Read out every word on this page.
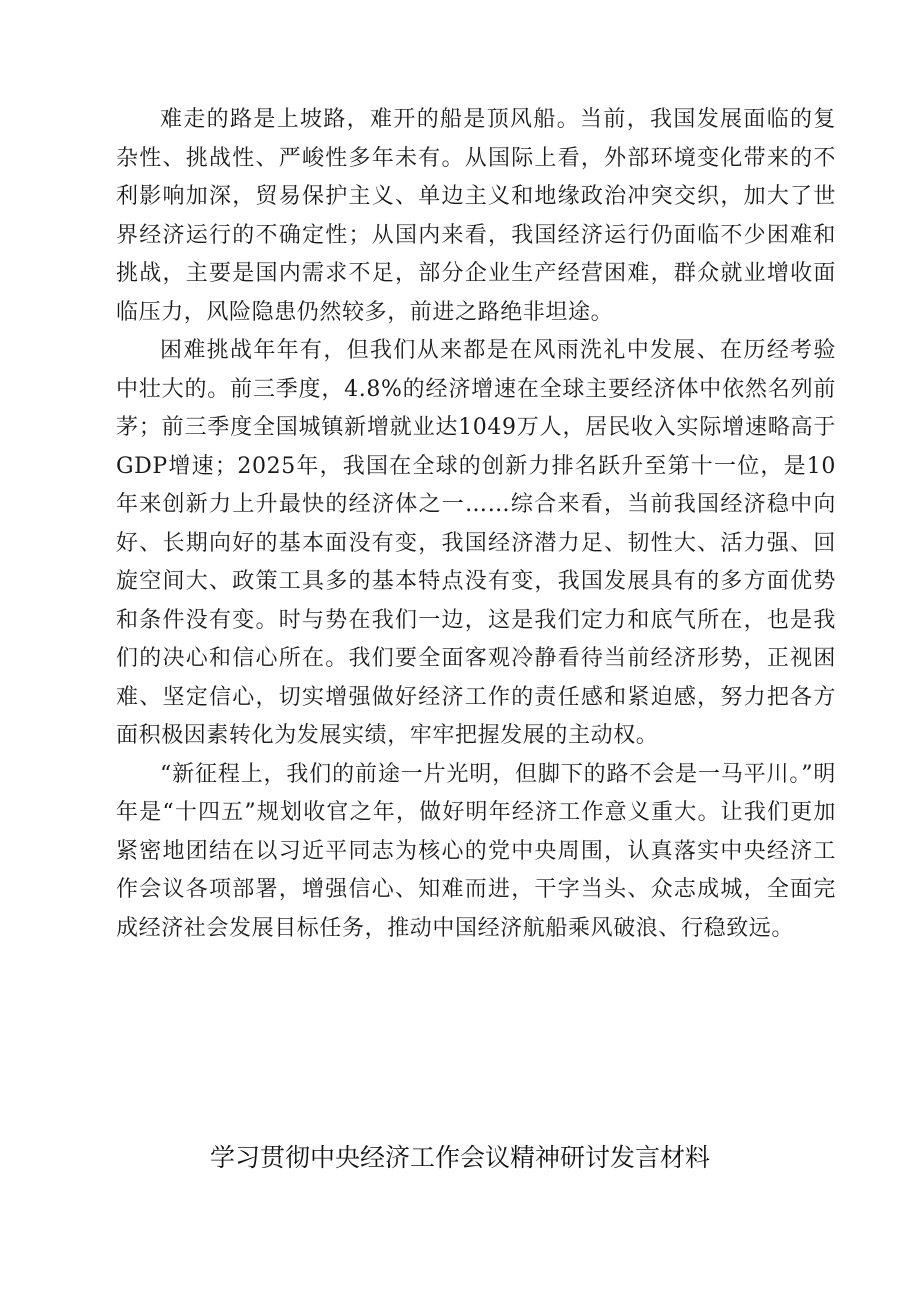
难走的路是上坡路，难开的船是顶风船。当前，我国发展面临的复杂性、挑战性、严峻性多年未有。从国际上看，外部环境变化带来的不利影响加深，贸易保护主义、单边主义和地缘政治冲突交织，加大了世界经济运行的不确定性；从国内来看，我国经济运行仍面临不少困难和挑战，主要是国内需求不足，部分企业生产经营困难，群众就业增收面临压力，风险隐患仍然较多，前进之路绝非坦途。

困难挑战年年有，但我们从来都是在风雨洗礼中发展、在历经考验中壮大的。前三季度，4.8%的经济增速在全球主要经济体中依然名列前茅；前三季度全国城镇新增就业达1049万人，居民收入实际增速略高于GDP增速；2025年，我国在全球的创新力排名跃升至第十一位，是10年来创新力上升最快的经济体之一……综合来看，当前我国经济稳中向好、长期向好的基本面没有变，我国经济潜力足、韧性大、活力强、回旋空间大、政策工具多的基本特点没有变，我国发展具有的多方面优势和条件没有变。时与势在我们一边，这是我们定力和底气所在，也是我们的决心和信心所在。我们要全面客观冷静看待当前经济形势，正视困难、坚定信心，切实增强做好经济工作的责任感和紧迫感，努力把各方面积极因素转化为发展实绩，牢牢把握发展的主动权。

“新征程上，我们的前途一片光明，但脚下的路不会是一马平川。”明年是“十四五”规划收官之年，做好明年经济工作意义重大。让我们更加紧密地团结在以习近平同志为核心的党中央周围，认真落实中央经济工作会议各项部署，增强信心、知难而进，干字当头、众志成城，全面完成经济社会发展目标任务，推动中国经济航船乘风破浪、行稳致远。

学习贯彻中央经济工作会议精神研讨发言材料
